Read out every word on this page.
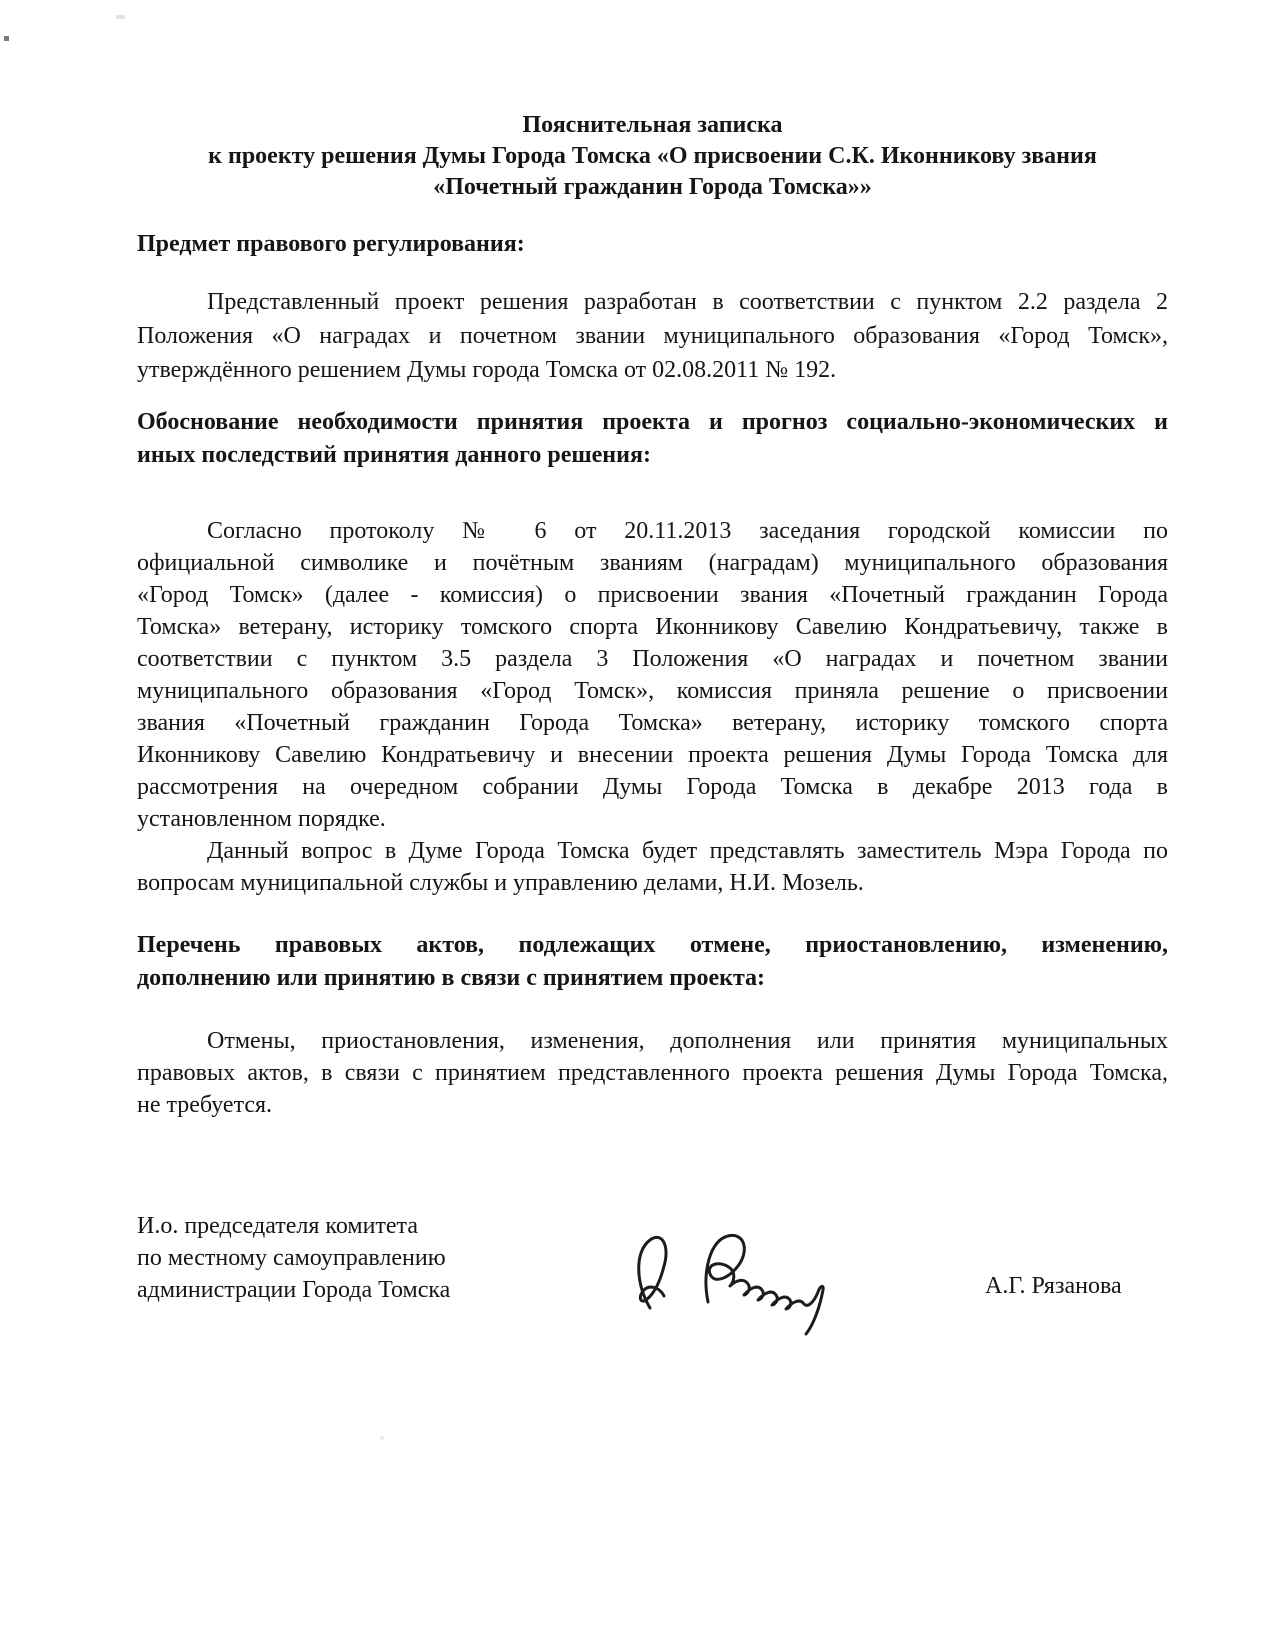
Пояснительная записка
к проекту решения Думы Города Томска «О присвоении С.К. Иконникову звания
«Почетный гражданин Города Томска»»
Предмет правового регулирования:
Представленный проект решения разработан в соответствии с пунктом 2.2 раздела 2
Положения «О наградах и почетном звании муниципального образования «Город Томск»,
утверждённого решением Думы города Томска от 02.08.2011 № 192.
Обоснование необходимости принятия проекта и прогноз социально-экономических и
иных последствий принятия данного решения:
Согласно протоколу № 6 от 20.11.2013 заседания городской комиссии по
официальной символике и почётным званиям (наградам) муниципального образования
«Город Томск» (далее - комиссия) о присвоении звания «Почетный гражданин Города
Томска» ветерану, историку томского спорта Иконникову Савелию Кондратьевичу, также в
соответствии с пунктом 3.5 раздела 3 Положения «О наградах и почетном звании
муниципального образования «Город Томск», комиссия приняла решение о присвоении
звания «Почетный гражданин Города Томска» ветерану, историку томского спорта
Иконникову Савелию Кондратьевичу и внесении проекта решения Думы Города Томска для
рассмотрения на очередном собрании Думы Города Томска в декабре 2013 года в
установленном порядке.
Данный вопрос в Думе Города Томска будет представлять заместитель Мэра Города по
вопросам муниципальной службы и управлению делами, Н.И. Мозель.
Перечень правовых актов, подлежащих отмене, приостановлению, изменению,
дополнению или принятию в связи с принятием проекта:
Отмены, приостановления, изменения, дополнения или принятия муниципальных
правовых актов, в связи с принятием представленного проекта решения Думы Города Томска,
не требуется.
И.о. председателя комитета
по местному самоуправлению
администрации Города Томска	А.Г. Рязанова
